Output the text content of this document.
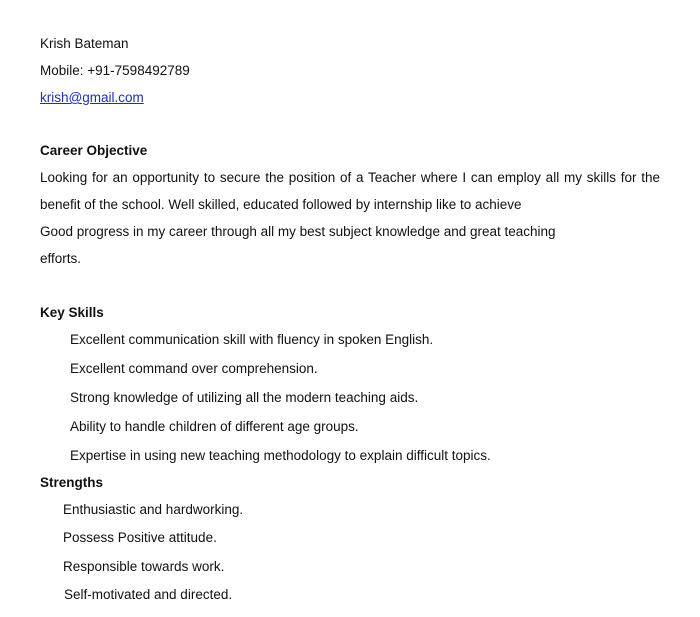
Krish Bateman
Mobile: +91-7598492789
krish@gmail.com
Career Objective
Looking for an opportunity to secure the position of a Teacher where I can employ all my skills for the
benefit of the school. Well skilled, educated followed by internship like to achieve
Good progress in my career through all my best subject knowledge and great teaching
efforts.
Key Skills
Excellent communication skill with fluency in spoken English.
Excellent command over comprehension.
Strong knowledge of utilizing all the modern teaching aids.
Ability to handle children of different age groups.
Expertise in using new teaching methodology to explain difficult topics.
Strengths
Enthusiastic and hardworking.
Possess Positive attitude.
Responsible towards work.
Self-motivated and directed.
